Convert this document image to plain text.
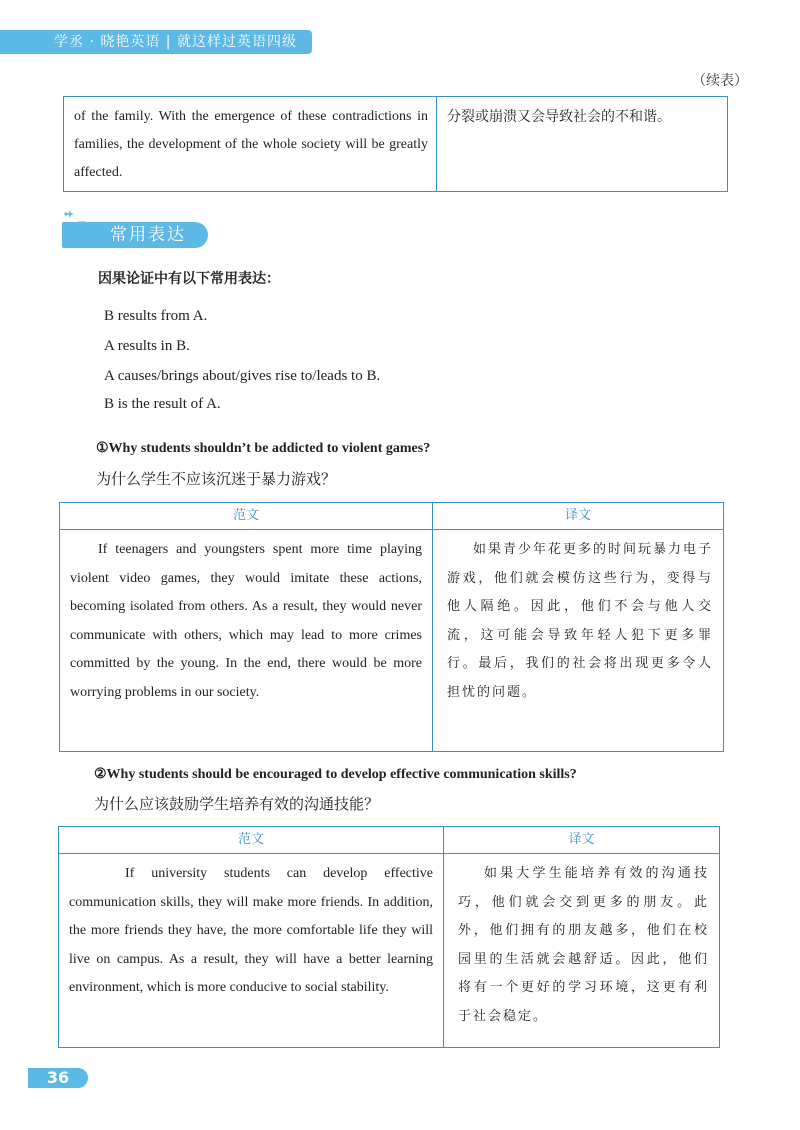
学丞 · 晓艳英语 | 就这样过英语四级
（续表）
of the family. With the emergence of these contradictions in families, the development of the whole society will be greatly affected.
分裂或崩溃又会导致社会的不和谐。
常用表达
因果论证中有以下常用表达：
B results from A.
A results in B.
A causes/brings about/gives rise to/leads to B.
B is the result of A.
①Why students shouldn’t be addicted to violent games?
为什么学生不应该沉迷于暴力游戏？
范文	译文
If teenagers and youngsters spent more time playing violent video games, they would imitate these actions, becoming isolated from others. As a result, they would never communicate with others, which may lead to more crimes committed by the young. In the end, there would be more worrying problems in our society.
如果青少年花更多的时间玩暴力电子游戏，他们就会模仿这些行为，变得与他人隔绝。因此，他们不会与他人交流，这可能会导致年轻人犯下更多罪行。最后，我们的社会将出现更多令人担忧的问题。
②Why students should be encouraged to develop effective communication skills?
为什么应该鼓励学生培养有效的沟通技能？
范文	译文
If university students can develop effective communication skills, they will make more friends. In addition, the more friends they have, the more comfortable life they will live on campus. As a result, they will have a better learning environment, which is more conducive to social stability.
如果大学生能培养有效的沟通技巧，他们就会交到更多的朋友。此外，他们拥有的朋友越多，他们在校园里的生活就会越舒适。因此，他们将有一个更好的学习环境，这更有利于社会稳定。
36
